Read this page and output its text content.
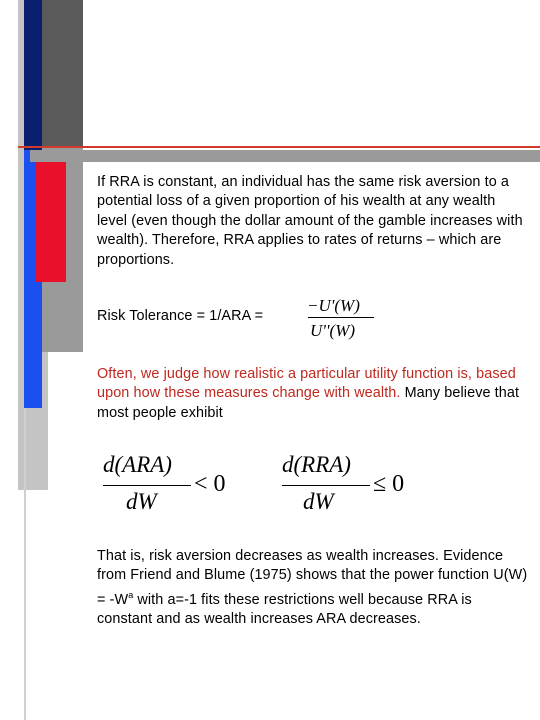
If RRA is constant, an individual has the same risk aversion to a potential loss of a given proportion of his wealth at any wealth level (even though the dollar amount of the gamble increases with wealth). Therefore, RRA applies to rates of returns – which are proportions.
Risk Tolerance = 1/ARA =
−U'(W)
U''(W)
Often, we judge how realistic a particular utility function is, based upon how these measures change with wealth. Many believe that most people exhibit
d(ARA)
dW
< 0
d(RRA)
dW
≤ 0
That is, risk aversion decreases as wealth increases. Evidence from Friend and Blume (1975) shows that the power function $U(W) = -W^a$ with a=-1 fits these restrictions well because RRA is constant and as wealth increases ARA decreases.
